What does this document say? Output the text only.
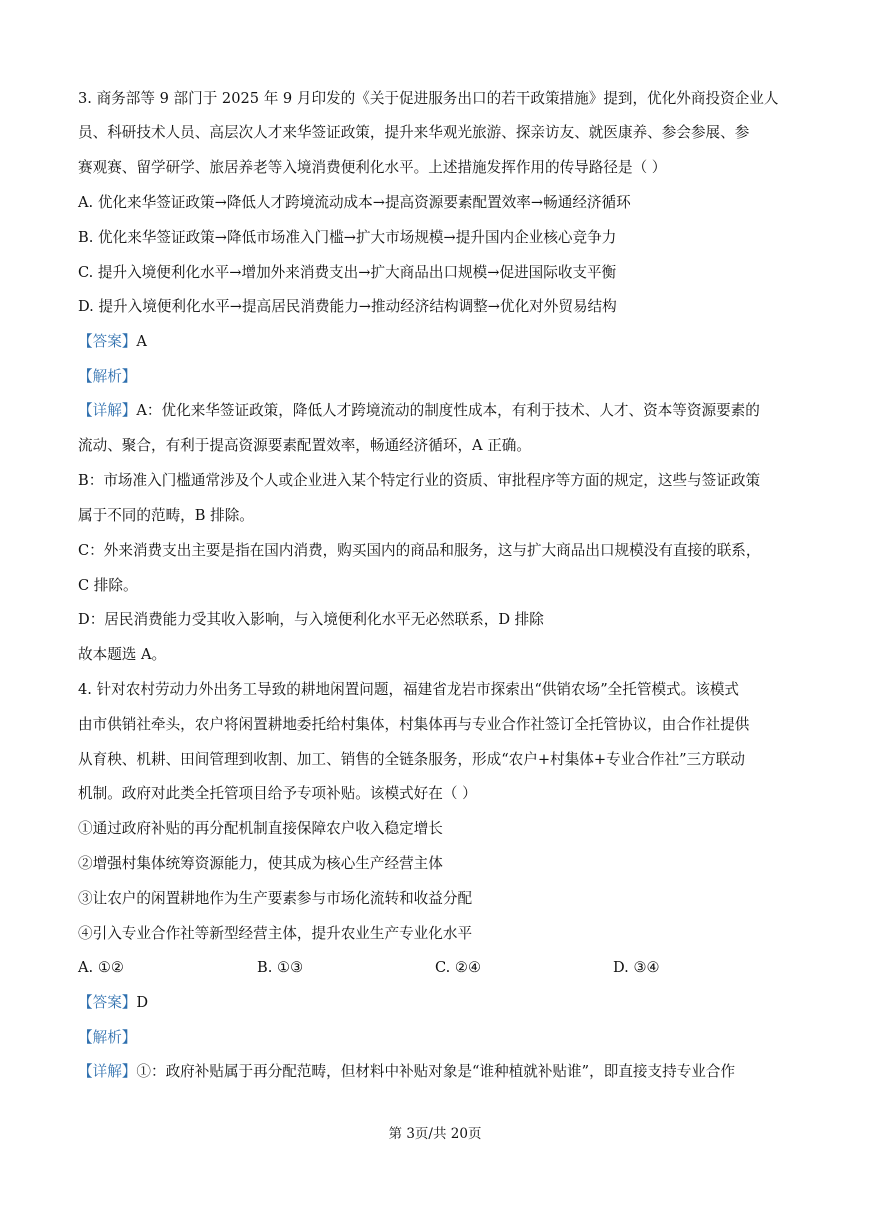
3. 商务部等 9 部门于 2025 年 9 月印发的《关于促进服务出口的若干政策措施》提到，优化外商投资企业人
员、科研技术人员、高层次人才来华签证政策，提升来华观光旅游、探亲访友、就医康养、参会参展、参
赛观赛、留学研学、旅居养老等入境消费便利化水平。上述措施发挥作用的传导路径是（ ）
A. 优化来华签证政策→降低人才跨境流动成本→提高资源要素配置效率→畅通经济循环
B. 优化来华签证政策→降低市场准入门槛→扩大市场规模→提升国内企业核心竞争力
C. 提升入境便利化水平→增加外来消费支出→扩大商品出口规模→促进国际收支平衡
D. 提升入境便利化水平→提高居民消费能力→推动经济结构调整→优化对外贸易结构
【答案】A
【解析】
【详解】A：优化来华签证政策，降低人才跨境流动的制度性成本，有利于技术、人才、资本等资源要素的
流动、聚合，有利于提高资源要素配置效率，畅通经济循环，A 正确。
B：市场准入门槛通常涉及个人或企业进入某个特定行业的资质、审批程序等方面的规定，这些与签证政策
属于不同的范畴，B 排除。
C：外来消费支出主要是指在国内消费，购买国内的商品和服务，这与扩大商品出口规模没有直接的联系，
C 排除。
D：居民消费能力受其收入影响，与入境便利化水平无必然联系，D 排除
故本题选 A。
4. 针对农村劳动力外出务工导致的耕地闲置问题，福建省龙岩市探索出“供销农场”全托管模式。该模式
由市供销社牵头，农户将闲置耕地委托给村集体，村集体再与专业合作社签订全托管协议，由合作社提供
从育秧、机耕、田间管理到收割、加工、销售的全链条服务，形成“农户+村集体+专业合作社”三方联动
机制。政府对此类全托管项目给予专项补贴。该模式好在（ ）
①通过政府补贴的再分配机制直接保障农户收入稳定增长
②增强村集体统筹资源能力，使其成为核心生产经营主体
③让农户的闲置耕地作为生产要素参与市场化流转和收益分配
④引入专业合作社等新型经营主体，提升农业生产专业化水平
A. ①②	B. ①③	C. ②④	D. ③④
【答案】D
【解析】
【详解】①：政府补贴属于再分配范畴，但材料中补贴对象是“谁种植就补贴谁”，即直接支持专业合作
第 3页/共 20页
